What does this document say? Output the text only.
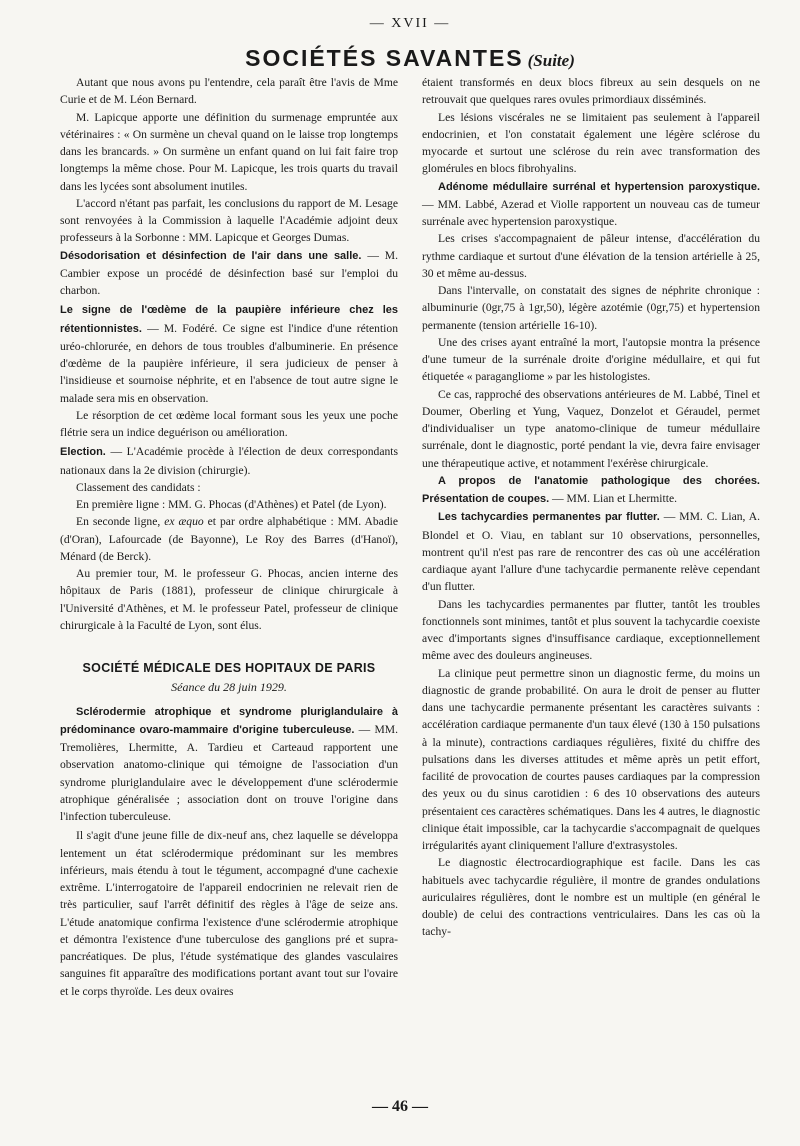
— XVII —
SOCIÉTÉS SAVANTES (Suite)

Autant que nous avons pu l'entendre, cela paraît être l'avis de Mme Curie et de M. Léon Bernard.

M. Lapicque apporte une définition du surmenage empruntée aux vétérinaires : « On surmène un cheval quand on le laisse trop longtemps dans les brancards. » On surmène un enfant quand on lui fait faire trop longtemps la même chose. Pour M. Lapicque, les trois quarts du travail dans les lycées sont absolument inutiles.

L'accord n'étant pas parfait, les conclusions du rapport de M. Lesage sont renvoyées à la Commission à laquelle l'Académie adjoint deux professeurs à la Sorbonne : MM. Lapicque et Georges Dumas.

Désodorisation et désinfection de l'air dans une salle. — M. Cambier expose un procédé de désinfection basé sur l'emploi du charbon.

Le signe de l'œdème de la paupière inférieure chez les rétentionnistes. — M. Fodéré. Ce signe est l'indice d'une rétention uréo-chlorurée, en dehors de tous troubles d'albuminerie. En présence d'œdème de la paupière inférieure, il sera judicieux de penser à l'insidieuse et sournoise néphrite, et en l'absence de tout autre signe le malade sera mis en observation.

Le résorption de cet œdème local formant sous les yeux une poche flétrie sera un indice deguérison ou amélioration.

Election. — L'Académie procède à l'élection de deux correspondants nationaux dans la 2e division (chirurgie).

Classement des candidats :

En première ligne : MM. G. Phocas (d'Athènes) et Patel (de Lyon).

En seconde ligne, ex æquo et par ordre alphabétique : MM. Abadie (d'Oran), Lafourcade (de Bayonne), Le Roy des Barres (d'Hanoï), Ménard (de Berck).

Au premier tour, M. le professeur G. Phocas, ancien interne des hôpitaux de Paris (1881), professeur de clinique chirurgicale à l'Université d'Athènes, et M. le professeur Patel, professeur de clinique chirurgicale à la Faculté de Lyon, sont élus.

SOCIÉTÉ MÉDICALE DES HOPITAUX DE PARIS
Séance du 28 juin 1929.

Sclérodermie atrophique et syndrome pluriglandulaire à prédominance ovaro-mammaire d'origine tuberculeuse. — MM. Tremolières, Lhermitte, A. Tardieu et Carteaud rapportent une observation anatomo-clinique qui témoigne de l'association d'un syndrome pluriglandulaire avec le développement d'une sclérodermie atrophique généralisée ; association dont on trouve l'origine dans l'infection tuberculeuse.

Il s'agit d'une jeune fille de dix-neuf ans, chez laquelle se développa lentement un état sclérodermique prédominant sur les membres inférieurs, mais étendu à tout le tégument, accompagné d'une cachexie extrême. L'interrogatoire de l'appareil endocrinien ne relevait rien de très particulier, sauf l'arrêt définitif des règles à l'âge de seize ans. L'étude anatomique confirma l'existence d'une sclérodermie atrophique et démontra l'existence d'une tuberculose des ganglions pré et supra-pancréatiques. De plus, l'étude systématique des glandes vasculaires sanguines fit apparaître des modifications portant avant tout sur l'ovaire et le corps thyroïde. Les deux ovaires

étaient transformés en deux blocs fibreux au sein desquels on ne retrouvait que quelques rares ovules primordiaux disséminés.

Les lésions viscérales ne se limitaient pas seulement à l'appareil endocrinien, et l'on constatait également une légère sclérose du myocarde et surtout une sclérose du rein avec transformation des glomérules en blocs fibrohyalins.

Adénome médullaire surrénal et hypertension paroxystique. — MM. Labbé, Azerad et Violle rapportent un nouveau cas de tumeur surrénale avec hypertension paroxystique.

Les crises s'accompagnaient de pâleur intense, d'accélération du rythme cardiaque et surtout d'une élévation de la tension artérielle à 25, 30 et même au-dessus.

Dans l'intervalle, on constatait des signes de néphrite chronique : albuminurie (0gr,75 à 1gr,50), légère azotémie (0gr,75) et hypertension permanente (tension artérielle 16-10).

Une des crises ayant entraîné la mort, l'autopsie montra la présence d'une tumeur de la surrénale droite d'origine médullaire, et qui fut étiquetée « paragangliome » par les histologistes.

Ce cas, rapproché des observations antérieures de M. Labbé, Tinel et Doumer, Oberling et Yung, Vaquez, Donzelot et Géraudel, permet d'individualiser un type anatomo-clinique de tumeur médullaire surrénale, dont le diagnostic, porté pendant la vie, devra faire envisager une thérapeutique active, et notamment l'exérèse chirurgicale.

A propos de l'anatomie pathologique des chorées. Présentation de coupes. — MM. Lian et Lhermitte.

Les tachycardies permanentes par flutter. — MM. C. Lian, A. Blondel et O. Viau, en tablant sur 10 observations, personnelles, montrent qu'il n'est pas rare de rencontrer des cas où une accélération cardiaque ayant l'allure d'une tachycardie permanente relève cependant d'un flutter.

Dans les tachycardies permanentes par flutter, tantôt les troubles fonctionnels sont minimes, tantôt et plus souvent la tachycardie coexiste avec d'importants signes d'insuffisance cardiaque, exceptionnellement même avec des douleurs angineuses.

La clinique peut permettre sinon un diagnostic ferme, du moins un diagnostic de grande probabilité. On aura le droit de penser au flutter dans une tachycardie permanente présentant les caractères suivants : accélération cardiaque permanente d'un taux élevé (130 à 150 pulsations à la minute), contractions cardiaques régulières, fixité du chiffre des pulsations dans les diverses attitudes et même après un petit effort, facilité de provocation de courtes pauses cardiaques par la compression des yeux ou du sinus carotidien : 6 des 10 observations des auteurs présentaient ces caractères schématiques. Dans les 4 autres, le diagnostic clinique était impossible, car la tachycardie s'accompagnait de quelques irrégularités ayant cliniquement l'allure d'extrasystoles.

Le diagnostic électrocardiographique est facile. Dans les cas habituels avec tachycardie régulière, il montre de grandes ondulations auriculaires régulières, dont le nombre est un multiple (en général le double) de celui des contractions ventriculaires. Dans les cas où la tachy-

— 46 —
